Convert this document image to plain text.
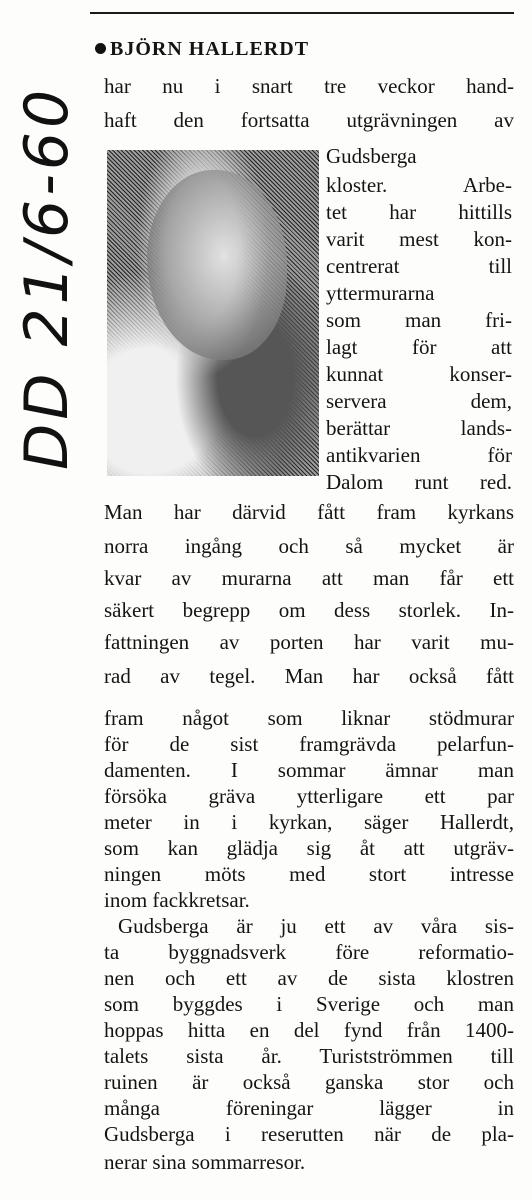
DD 21/6-60
BJÖRN HALLERDT
har nu i snart tre veckor hand-
haft den fortsatta utgrävningen av
Gudsberga
kloster. Arbe-
tet har hittills
varit mest kon-
centrerat till
yttermurarna
som man fri-
lagt för att
kunnat konser-
servera dem,
berättar lands-
antikvarien för
Dalom runt red.
Man har därvid fått fram kyrkans
norra ingång och så mycket är
kvar av murarna att man får ett
säkert begrepp om dess storlek. In-
fattningen av porten har varit mu-
rad av tegel. Man har också fått
fram något som liknar stödmurar
för de sist framgrävda pelarfun-
damenten. I sommar ämnar man
försöka gräva ytterligare ett par
meter in i kyrkan, säger Hallerdt,
som kan glädja sig åt att utgräv-
ningen möts med stort intresse
inom fackkretsar.
Gudsberga är ju ett av våra sis-
ta byggnadsverk före reformatio-
nen och ett av de sista klostren
som byggdes i Sverige och man
hoppas hitta en del fynd från 1400-
talets sista år. Turistströmmen till
ruinen är också ganska stor och
många föreningar lägger in
Gudsberga i reserutten när de pla-
nerar sina sommarresor.
